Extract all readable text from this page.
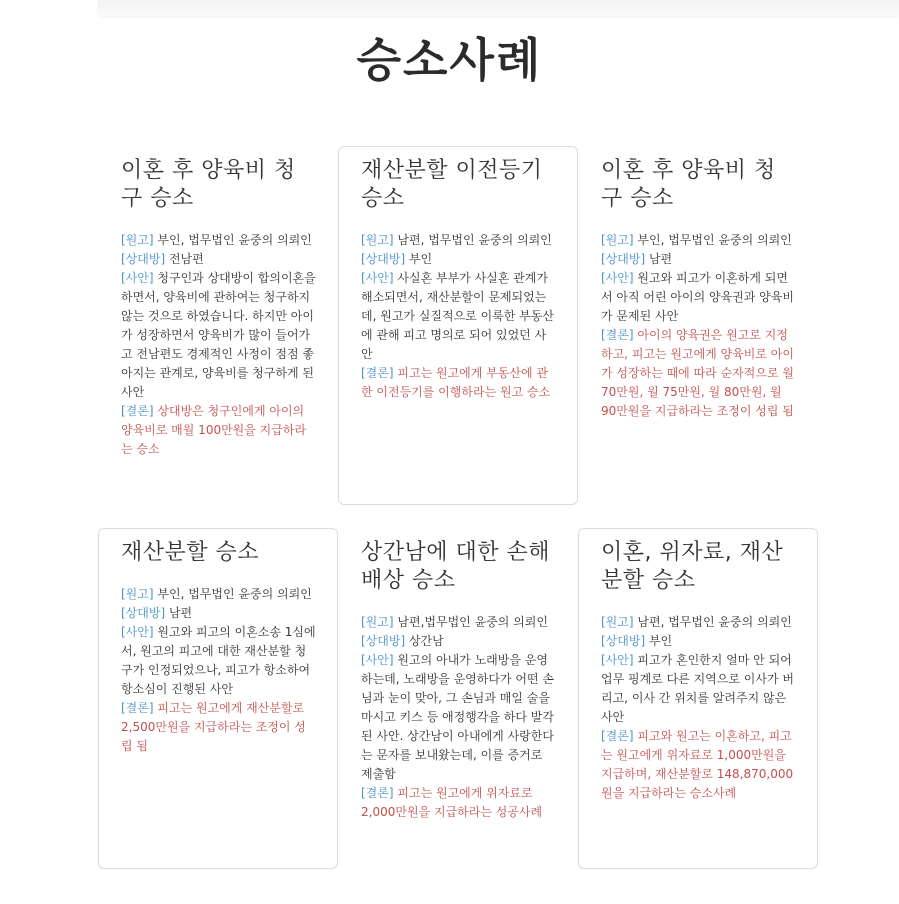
승소사례
이혼 후 양육비 청구 승소

[원고] 부인, 법무법인 윤중의 의뢰인

[상대방] 전남편

[사안] 청구인과 상대방이 합의이혼을 하면서, 양육비에 관하여는 청구하지 않는 것으로 하였습니다. 하지만 아이가 성장하면서 양육비가 많이 들어가고 전남편도 경제적인 사정이 점점 좋아지는 관계로, 양육비를 청구하게 된 사안

[결론] 상대방은 청구인에게 아이의 양육비로 매월 100만원을 지급하라는 승소

재산분할 이전등기 승소

[원고] 남편, 법무법인 윤중의 의뢰인

[상대방] 부인

[사안] 사실혼 부부가 사실혼 관계가 해소되면서, 재산분할이 문제되었는데, 원고가 실질적으로 이룩한 부동산에 관해 피고 명의로 되어 있었던 사안

[결론] 피고는 원고에게 부동산에 관한 이전등기를 이행하라는 원고 승소

이혼 후 양육비 청구 승소

[원고] 부인, 법무법인 윤중의 의뢰인

[상대방] 남편

[사안] 원고와 피고가 이혼하게 되면서 아직 어린 아이의 양육권과 양육비가 문제된 사안

[결론] 아이의 양육권은 원고로 지정하고, 피고는 원고에게 양육비로 아이가 성장하는 때에 따라 순자적으로 월 70만원, 월 75만원, 월 80만원, 월 90만원을 지급하라는 조정이 성립 됨

재산분할 승소

[원고] 부인, 법무법인 윤중의 의뢰인

[상대방] 남편

[사안] 원고와 피고의 이혼소송 1심에서, 원고의 피고에 대한 재산분할 청구가 인정되었으나, 피고가 항소하여 항소심이 진행된 사안

[결론] 피고는 원고에게 재산분할로 2,500만원을 지급하라는 조정이 성립 됨

상간남에 대한 손해배상 승소

[원고] 남편,법무법인 윤중의 의뢰인

[상대방] 상간남

[사안] 원고의 아내가 노래방을 운영하는데, 노래방을 운영하다가 어떤 손님과 눈이 맞아, 그 손님과 매일 술을 마시고 키스 등 애정행각을 하다 발각된 사안. 상간남이 아내에게 사랑한다는 문자를 보내왔는데, 이를 증거로 제출함

[결론] 피고는 원고에게 위자료로 2,000만원을 지급하라는 성공사례

이혼, 위자료, 재산분할 승소

[원고] 남편, 법무법인 윤중의 의뢰인

[상대방] 부인

[사안] 피고가 혼인한지 얼마 안 되어 업무 핑계로 다른 지역으로 이사가 버리고, 이사 간 위치를 알려주지 않은 사안

[결론] 피고와 원고는 이혼하고, 피고는 원고에게 위자료로 1,000만원을 지급하며, 재산분할로 148,870,000원을 지급하라는 승소사례
